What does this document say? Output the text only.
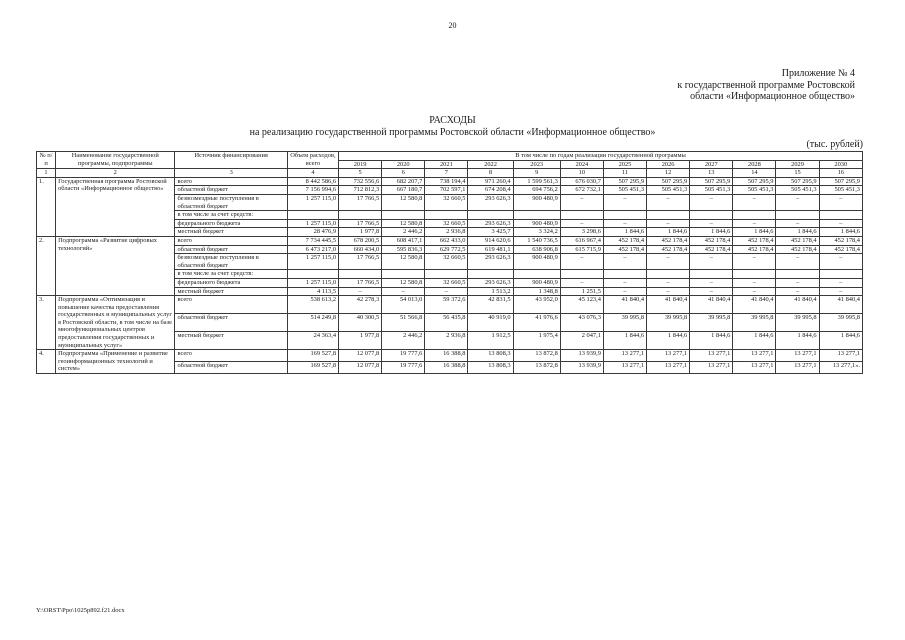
20
Приложение № 4
к государственной программе Ростовской
области «Информационное общество»
РАСХОДЫ
на реализацию государственной программы Ростовской области «Информационное общество»
(тыс. рублей)
№ п/п	Наименование государственной программы, подпрограммы	Источник финансирования	Объем расходов, всего	В том числе по годам реализации государственной программы											
				2019	2020	2021	2022	2023	2024	2025	2026	2027	2028	2029	2030
1	2	3	4	5	6	7	8	9	10	11	12	13	14	15	16
1.	Государственная программа Ростовской области «Информационное общество»	всего	8 442 586,6	732 556,6	682 207,7	738 194,4	971 260,4	1 599 561,3	676 030,7	507 295,9	507 295,9	507 295,9	507 295,9	507 295,9	507 295,9
		областной бюджет	7 156 994,6	712 812,3	667 180,7	702 597,1	674 208,4	694 756,2	672 732,1	505 451,3	505 451,3	505 451,3	505 451,3	505 451,3	505 451,3
		безвозмездные поступления в областной бюджет	1 257 115,0	17 766,5	12 580,8	32 660,5	293 626,3	900 480,9	–	–	–	–	–	–	–
		в том числе за счет средств:													
		федерального бюджета	1 257 115,0	17 766,5	12 580,8	32 660,5	293 626,3	900 480,9	–	–	–	–	–	–	–
		местный бюджет	28 476,9	1 977,8	2 446,2	2 936,8	3 425,7	3 324,2	3 298,6	1 844,6	1 844,6	1 844,6	1 844,6	1 844,6	1 844,6
2.	Подпрограмма «Развитие цифровых технологий»	всего	7 734 445,5	678 200,5	608 417,1	662 433,0	914 620,6	1 540 736,5	616 967,4	452 178,4	452 178,4	452 178,4	452 178,4	452 178,4	452 178,4
		областной бюджет	6 473 217,0	660 434,0	595 836,3	629 772,5	619 481,1	638 906,8	615 715,9	452 178,4	452 178,4	452 178,4	452 178,4	452 178,4	452 178,4
		безвозмездные поступления в областной бюджет	1 257 115,0	17 766,5	12 580,8	32 660,5	293 626,3	900 480,9	–	–	–	–	–	–	–
		в том числе за счет средств:													
		федерального бюджета	1 257 115,0	17 766,5	12 580,8	32 660,5	293 626,3	900 480,9	–	–	–	–	–	–	–
		местный бюджет	4 113,5	–	–	–	1 513,2	1 348,8	1 251,5	–	–	–	–	–	–
3.	Подпрограмма «Оптимизация и повышение качества предоставления государственных и муниципальных услуг в Ростовской области, в том числе на базе многофункциональных центров предоставления государственных и муниципальных услуг»	всего	538 613,2	42 278,3	54 013,0	59 372,6	42 831,5	43 952,0	45 123,4	41 840,4	41 840,4	41 840,4	41 840,4	41 840,4	41 840,4
		областной бюджет	514 249,8	40 300,5	51 566,8	56 435,8	40 919,0	41 976,6	43 076,3	39 995,8	39 995,8	39 995,8	39 995,8	39 995,8	39 995,8
		местный бюджет	24 363,4	1 977,8	2 446,2	2 936,8	1 912,5	1 975,4	2 047,1	1 844,6	1 844,6	1 844,6	1 844,6	1 844,6	1 844,6
4.	Подпрограмма «Применение и развитие геоинформационных технологий и систем»	всего	169 527,8	12 077,8	19 777,6	16 388,8	13 808,3	13 872,8	13 939,9	13 277,1	13 277,1	13 277,1	13 277,1	13 277,1	13 277,1
		областной бюджет	169 527,8	12 077,8	19 777,6	16 388,8	13 808,3	13 872,8	13 939,9	13 277,1	13 277,1	13 277,1	13 277,1	13 277,1	13 277,1».
Y:\ORST\Ppo\1025p892.f21.docx
